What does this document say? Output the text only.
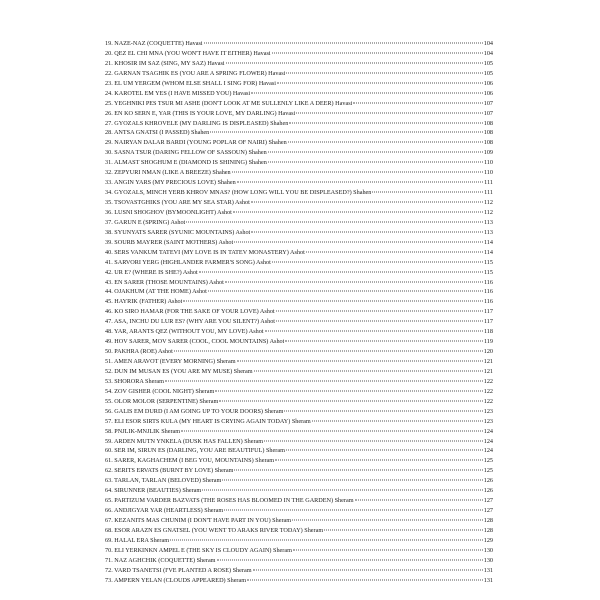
19. NAZE-NAZ (COQUETTE) Havasi	104
20. QEZ EL CHI MNA (YOU WON'T HAVE IT EITHER) Havasi	104
21. KHOSIR IM SAZ (SING, MY SAZ) Havasi	105
22. GARNAN TSAGHIK ES (YOU ARE A SPRING FLOWER) Havasi	105
23. EL UM YERGEM (WHOM ELSE SHALL I SING FOR) Havasi	106
24. KAROTEL EM YES (I HAVE MISSED YOU) Havasi	106
25. YEGHNIKI PES TSUR MI ASHE (DON'T LOOK AT ME SULLENLY LIKE A DEER) Havasi	107
26. EN KO SERN E, YAR (THIS IS YOUR LOVE, MY DARLING) Havasi	107
27. GYOZALS KHROVELE (MY DARLING IS DISPLEASED) Shahen	108
28. ANTSA GNATSI (I PASSED) Shahen	108
29. NAIRYAN DALAR BARDI (YOUNG POPLAR OF NAIRI) Shahen	108
30. SASNA TSUR (DARING FELLOW OF SASSOUN) Shahen	109
31. ALMAST SHOGHUM E (DIAMOND IS SHINING) Shahen	110
32. ZEPYURI NMAN (LIKE A BREEZE) Shahen	110
33. ANGIN YARS (MY PRECIOUS LOVE) Shahen	111
34. GYOZALS, MINCH YERB KHROV MNAS? (HOW LONG WILL YOU BE DISPLEASED?) Shahen	111
35. TSOVASTGHIKS (YOU ARE MY SEA STAR) Ashot	112
36. LUSNI SHOGHOV (BYMOONLIGHT) Ashot	112
37. GARUN E (SPRING) Ashot	113
38. SYUNYATS SARER (SYUNIC MOUNTAINS) Ashot	113
39. SOURB MAYRER (SAINT MOTHERS) Ashot	114
40. SERS VANKUM TATEVI (MY LOVE IS IN TATEV MONASTERY) Ashot	114
41. SARVORI YERG (HIGHLANDER FARMER'S SONG) Ashot	115
42. UR E? (WHERE IS SHE?) Ashot	115
43. EN SARER (THOSE MOUNTAINS) Ashot	116
44. OJAKHUM (AT THE HOME) Ashot	116
45. HAYRIK (FATHER) Ashot	116
46. KO SIRO HAMAR (FOR THE SAKE OF YOUR LOVE) Ashot	117
47. ASA, INCHU DU LUR ES? (WHY ARE YOU SILENT?) Ashot	117
48. YAR, ARANTS QEZ (WITHOUT YOU, MY LOVE) Ashot	118
49. HOV SARER, MOV SARER (COOL, COOL MOUNTAINS) Ashot	119
50. PAKHRA (ROE) Ashot	120
51. AMEN ARAVOT (EVERY MORNING) Sheram	121
52. DUN IM MUSAN ES (YOU ARE MY MUSE) Sheram	121
53. SHORORA Sheram	122
54. ZOV GISHER (COOL NIGHT) Sheram	122
55. OLOR MOLOR (SERPENTINE) Sheram	122
56. GALIS EM DURD (I AM GOING UP TO YOUR DOORS) Sheram	123
57. ELI ESOR SIRTS KULA (MY HEART IS CRYING AGAIN TODAY) Sheram	123
58. PNJLIK-MNJLIK Sheram	124
59. ARDEN MUTN YNKELA (DUSK HAS FALLEN) Sheram	124
60. SER IM, SIRUN ES (DARLING, YOU ARE BEAUTIFUL) Sheram	124
61. SARER, KAGHACHEM (I BEG YOU, MOUNTAINS) Sheram	125
62. SERITS ERVATS (BURNT BY LOVE) Sheram	125
63. TARLAN, TARLAN (BELOVED) Sheram	126
64. SIRUNNER (BEAUTIES) Sheram	126
65. PARTIZUM VARDER BAZVATS (THE ROSES HAS BLOOMED IN THE GARDEN) Sheram	127
66. ANDJIGYAR YAR (HEARTLESS) Sheram	127
67. KEZANITS MAS CHUNIM (I DON'T HAVE PART IN YOU) Sheram	128
68. ESOR ARAZN ES GNATSEL (YOU WENT TO ARAKS RIVER TODAY) Sheram	128
69. HALAL ERA Sheram	129
70. ELI YERKINKN AMPEL E (THE SKY IS CLOUDY AGAIN) Sheram	130
71. NAZ AGHCHIK (COQUETTE) Sheram	130
72. VARD TSANETSI (I'VE PLANTED A ROSE) Sheram	131
73. AMPERN YELAN (CLOUDS APPEARED) Sheram	131
